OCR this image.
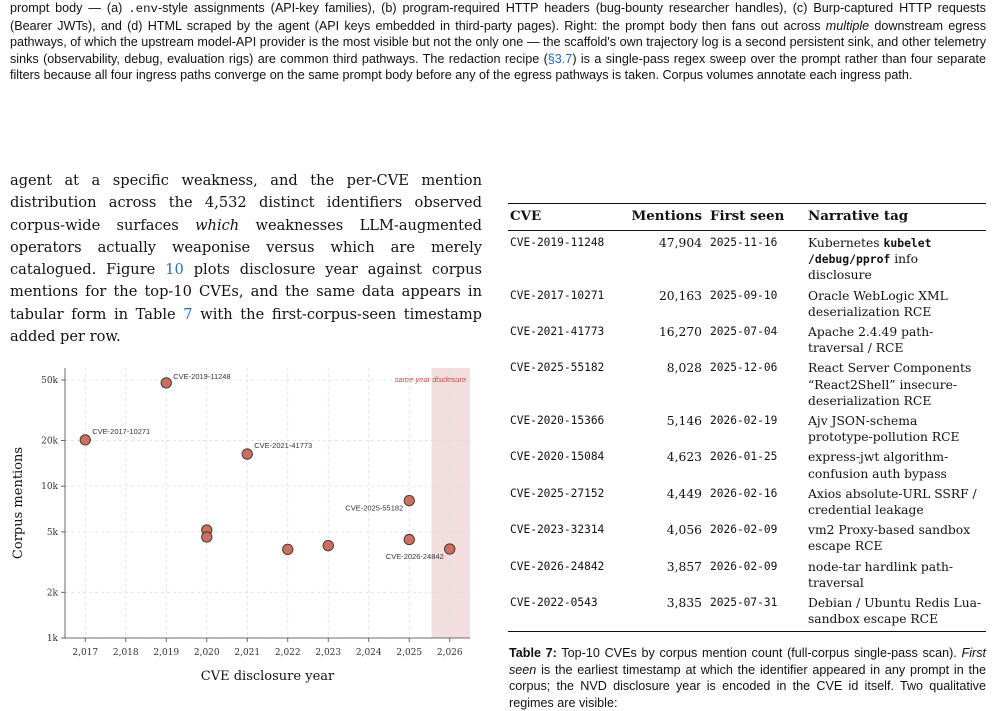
prompt body — (a) .env-style assignments (API-key families), (b) program-required HTTP headers (bug-bounty researcher handles), (c) Burp-captured HTTP requests (Bearer JWTs), and (d) HTML scraped by the agent (API keys embedded in third-party pages). Right: the prompt body then fans out across multiple downstream egress pathways, of which the upstream model-API provider is the most visible but not the only one — the scaffold's own trajectory log is a second persistent sink, and other telemetry sinks (observability, debug, evaluation rigs) are common third pathways. The redaction recipe (§3.7) is a single-pass regex sweep over the prompt rather than four separate filters because all four ingress paths converge on the same prompt body before any of the egress pathways is taken. Corpus volumes annotate each ingress path.

agent at a specific weakness, and the per-CVE mention distribution across the 4,532 distinct identifiers observed corpus-wide surfaces which weaknesses LLM-augmented operators actually weaponise versus which are merely catalogued. Figure 10 plots disclosure year against corpus mentions for the top-10 CVEs, and the same data appears in tabular form in Table 7 with the first-corpus-seen timestamp added per row.

same-year disclosure
2,017 2,018 2,019 2,020 2,021 2,022 2,023 2,024 2,025 2,026
1k
2k
5k
10k
20k
50k
CVE disclosure year
Corpus mentions
CVE-2019-11248
CVE-2017-10271
CVE-2021-41773
CVE-2025-55182
CVE-2026-24842
CVE	Mentions	First seen	Narrative tag
CVE-2019-11248	47,904	2025-11-16	Kubernetes kubelet
/debug/pprof info disclosure
CVE-2017-10271	20,163	2025-09-10	Oracle WebLogic XML deserialization RCE
CVE-2021-41773	16,270	2025-07-04	Apache 2.4.49 path-traversal / RCE
CVE-2025-55182	8,028	2025-12-06	React Server Components “React2Shell” insecure-deserialization RCE
CVE-2020-15366	5,146	2026-02-19	Ajv JSON-schema prototype-pollution RCE
CVE-2020-15084	4,623	2026-01-25	express-jwt algorithm-confusion auth bypass
CVE-2025-27152	4,449	2026-02-16	Axios absolute-URL SSRF / credential leakage
CVE-2023-32314	4,056	2026-02-09	vm2 Proxy-based sandbox escape RCE
CVE-2026-24842	3,857	2026-02-09	node-tar hardlink path-traversal
CVE-2022-0543	3,835	2025-07-31	Debian / Ubuntu Redis Lua-sandbox escape RCE
Table 7: Top-10 CVEs by corpus mention count (full-corpus single-pass scan). First seen is the earliest timestamp at which the identifier appeared in any prompt in the corpus; the NVD disclosure year is encoded in the CVE id itself. Two qualitative regimes are visible:
